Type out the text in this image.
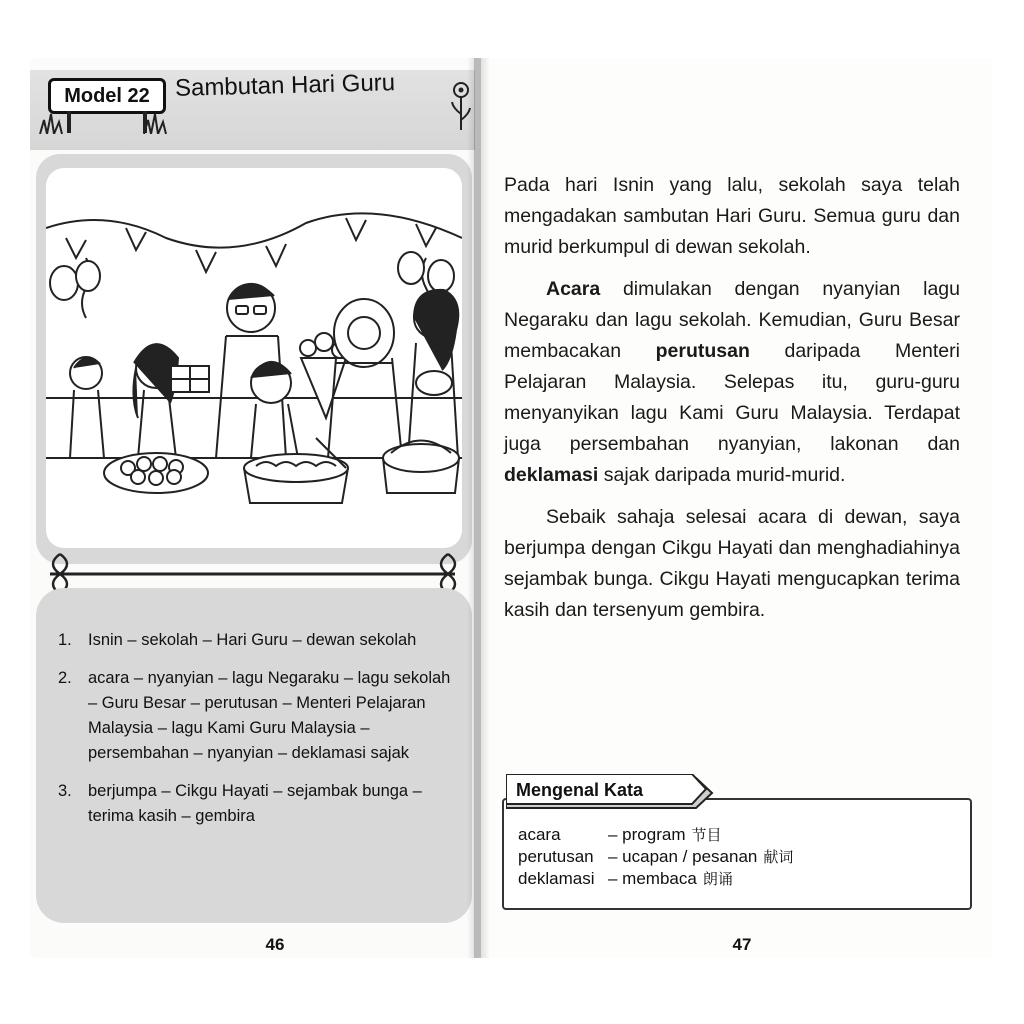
Model 22	Sambutan Hari Guru
1. Isnin – sekolah – Hari Guru – dewan sekolah
2. acara – nyanyian – lagu Negaraku – lagu sekolah – Guru Besar – perutusan – Menteri Pelajaran Malaysia – lagu Kami Guru Malaysia – persembahan – nyanyian – deklamasi sajak
3. berjumpa – Cikgu Hayati – sejambak bunga – terima kasih – gembira
46

Pada hari Isnin yang lalu, sekolah saya telah mengadakan sambutan Hari Guru. Semua guru dan murid berkumpul di dewan sekolah.

Acara dimulakan dengan nyanyian lagu Negaraku dan lagu sekolah. Kemudian, Guru Besar membacakan perutusan daripada Menteri Pelajaran Malaysia. Selepas itu, guru-guru menyanyikan lagu Kami Guru Malaysia. Terdapat juga persembahan nyanyian, lakonan dan deklamasi sajak daripada murid-murid.

Sebaik sahaja selesai acara di dewan, saya berjumpa dengan Cikgu Hayati dan menghadiahinya sejambak bunga. Cikgu Hayati mengucapkan terima kasih dan tersenyum gembira.

Mengenal Kata
acara	– program 节目
perutusan – ucapan / pesanan 献词
deklamasi – membaca 朗诵
47
